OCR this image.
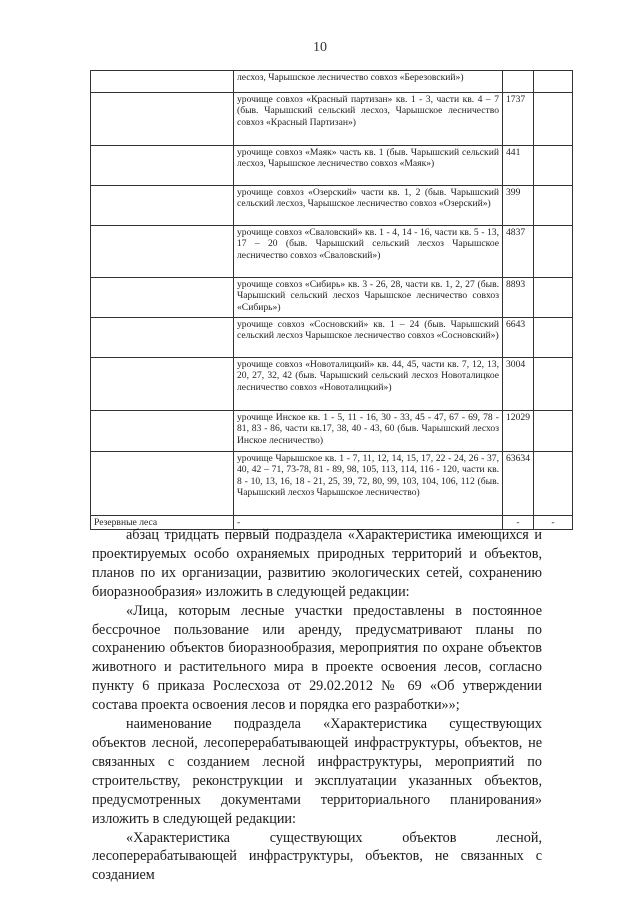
10
	лесхоз, Чарышское лесничество совхоз «Березовский»)		
	урочище совхоз «Красный партизан» кв. 1 - 3, части кв. 4 – 7 (быв. Чарышский сельский лесхоз, Чарышское лесничество совхоз «Красный Партизан»)	1737	
	урочище совхоз «Маяк» часть кв. 1 (быв. Чарышский сельский лесхоз, Чарышское лесничество совхоз «Маяк»)	441	
	урочище совхоз «Озерский» части кв. 1, 2 (быв. Чарышский сельский лесхоз, Чарышское лесничество совхоз «Озерский»)	399	
	урочище совхоз «Сваловский» кв. 1 - 4, 14 - 16, части кв. 5 - 13, 17 – 20 (быв. Чарышский сельский лесхоз Чарышское лесничество совхоз «Сваловский»)	4837	
	урочище совхоз «Сибирь» кв. 3 - 26, 28, части кв. 1, 2, 27 (быв. Чарышский сельский лесхоз Чарышское лесничество совхоз «Сибирь»)	8893	
	урочище совхоз «Сосновский» кв. 1 – 24 (быв. Чарышский сельский лесхоз Чарышское лесничество совхоз «Сосновский»)	6643	
	урочище совхоз «Новоталицкий» кв. 44, 45, части кв. 7, 12, 13, 20, 27, 32, 42 (быв. Чарышский сельский лесхоз Новоталицкое лесничество совхоз «Новоталицкий»)	3004	
	урочище Инское кв. 1 - 5, 11 - 16, 30 - 33, 45 - 47, 67 - 69, 78 - 81, 83 - 86, части кв.17, 38, 40 - 43, 60 (быв. Чарышский лесхоз Инское лесничество)	12029	
	урочище Чарышское кв. 1 - 7, 11, 12, 14, 15, 17, 22 - 24, 26 - 37, 40, 42 – 71, 73-78, 81 - 89, 98, 105, 113, 114, 116 - 120, части кв. 8 - 10, 13, 16, 18 - 21, 25, 39, 72, 80, 99, 103, 104, 106, 112 (быв. Чарышский лесхоз Чарышское лесничество)	63634	
Резервные леса	-	-	-

абзац тридцать первый подраздела «Характеристика имеющихся и проектируемых особо охраняемых природных территорий и объектов, планов по их организации, развитию экологических сетей, сохранению биоразнообразия» изложить в следующей редакции:

«Лица, которым лесные участки предоставлены в постоянное бессрочное пользование или аренду, предусматривают планы по сохранению объектов биоразнообразия, мероприятия по охране объектов животного и растительного мира в проекте освоения лесов, согласно пункту 6 приказа Рослесхоза от 29.02.2012 № 69 «Об утверждении состава проекта освоения лесов и порядка его разработки»»;

наименование подраздела «Характеристика существующих объектов лесной, лесоперерабатывающей инфраструктуры, объектов, не связанных с созданием лесной инфраструктуры, мероприятий по строительству, реконструкции и эксплуатации указанных объектов, предусмотренных документами территориального планирования» изложить в следующей редакции:

«Характеристика существующих объектов лесной, лесоперерабатывающей инфраструктуры, объектов, не связанных с созданием
